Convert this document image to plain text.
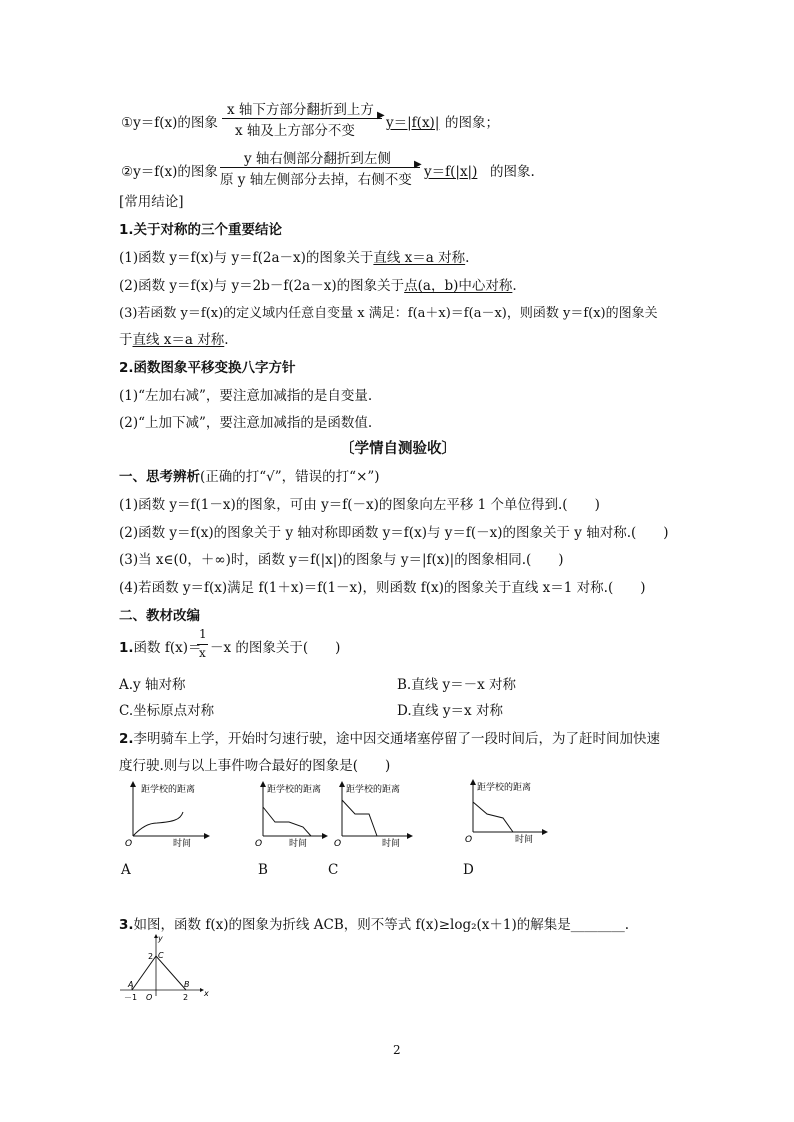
①y＝f(x)的图象
x 轴下方部分翻折到上方 ▶
x 轴及上方部分不变 y＝|f(x)| 的图象；
②y＝f(x)的图象
y 轴右侧部分翻折到左侧 ▶
原 y 轴左侧部分去掉，右侧不变 y＝f(|x|) 的图象.
[常用结论]
1.关于对称的三个重要结论
(1)函数 y＝f(x)与 y＝f(2a－x)的图象关于直线 x＝a 对称.
(2)函数 y＝f(x)与 y＝2b－f(2a－x)的图象关于点(a，b)中心对称.
(3)若函数 y＝f(x)的定义域内任意自变量 x 满足：f(a＋x)＝f(a－x)，则函数 y＝f(x)的图象关
于直线 x＝a 对称.
2.函数图象平移变换八字方针
(1)“左加右减”，要注意加减指的是自变量.
(2)“上加下减”，要注意加减指的是函数值.
〔学情自测验收〕
一、思考辨析(正确的打“√”，错误的打“×”)
(1)函数 y＝f(1－x)的图象，可由 y＝f(－x)的图象向左平移 1 个单位得到.(　　)
(2)函数 y＝f(x)的图象关于 y 轴对称即函数 y＝f(x)与 y＝f(－x)的图象关于 y 轴对称.(　　)
(3)当 x∈(0，＋∞)时，函数 y＝f(|x|)的图象与 y＝|f(x)|的图象相同.(　　)
(4)若函数 y＝f(x)满足 f(1＋x)＝f(1－x)，则函数 f(x)的图象关于直线 x＝1 对称.(　　)
二、教材改编
1.函数 f(x)＝
1
x －x 的图象关于(　　)
A.y 轴对称	B.直线 y＝－x 对称
C.坐标原点对称	D.直线 y＝x 对称
2.李明骑车上学，开始时匀速行驶，途中因交通堵塞停留了一段时间后，为了赶时间加快速
度行驶.则与以上事件吻合最好的图象是(　　)
距学校的距离
O	时间
距学校的距离
O	时间
距学校的距离
O	时间
距学校的距离
O	时间
A	B	C	D
3.如图，函数 f(x)的图象为折线 ACB，则不等式 f(x)≥log₂(x＋1)的解集是________.
y
x
2 C
A	B
－1 O	2
2
